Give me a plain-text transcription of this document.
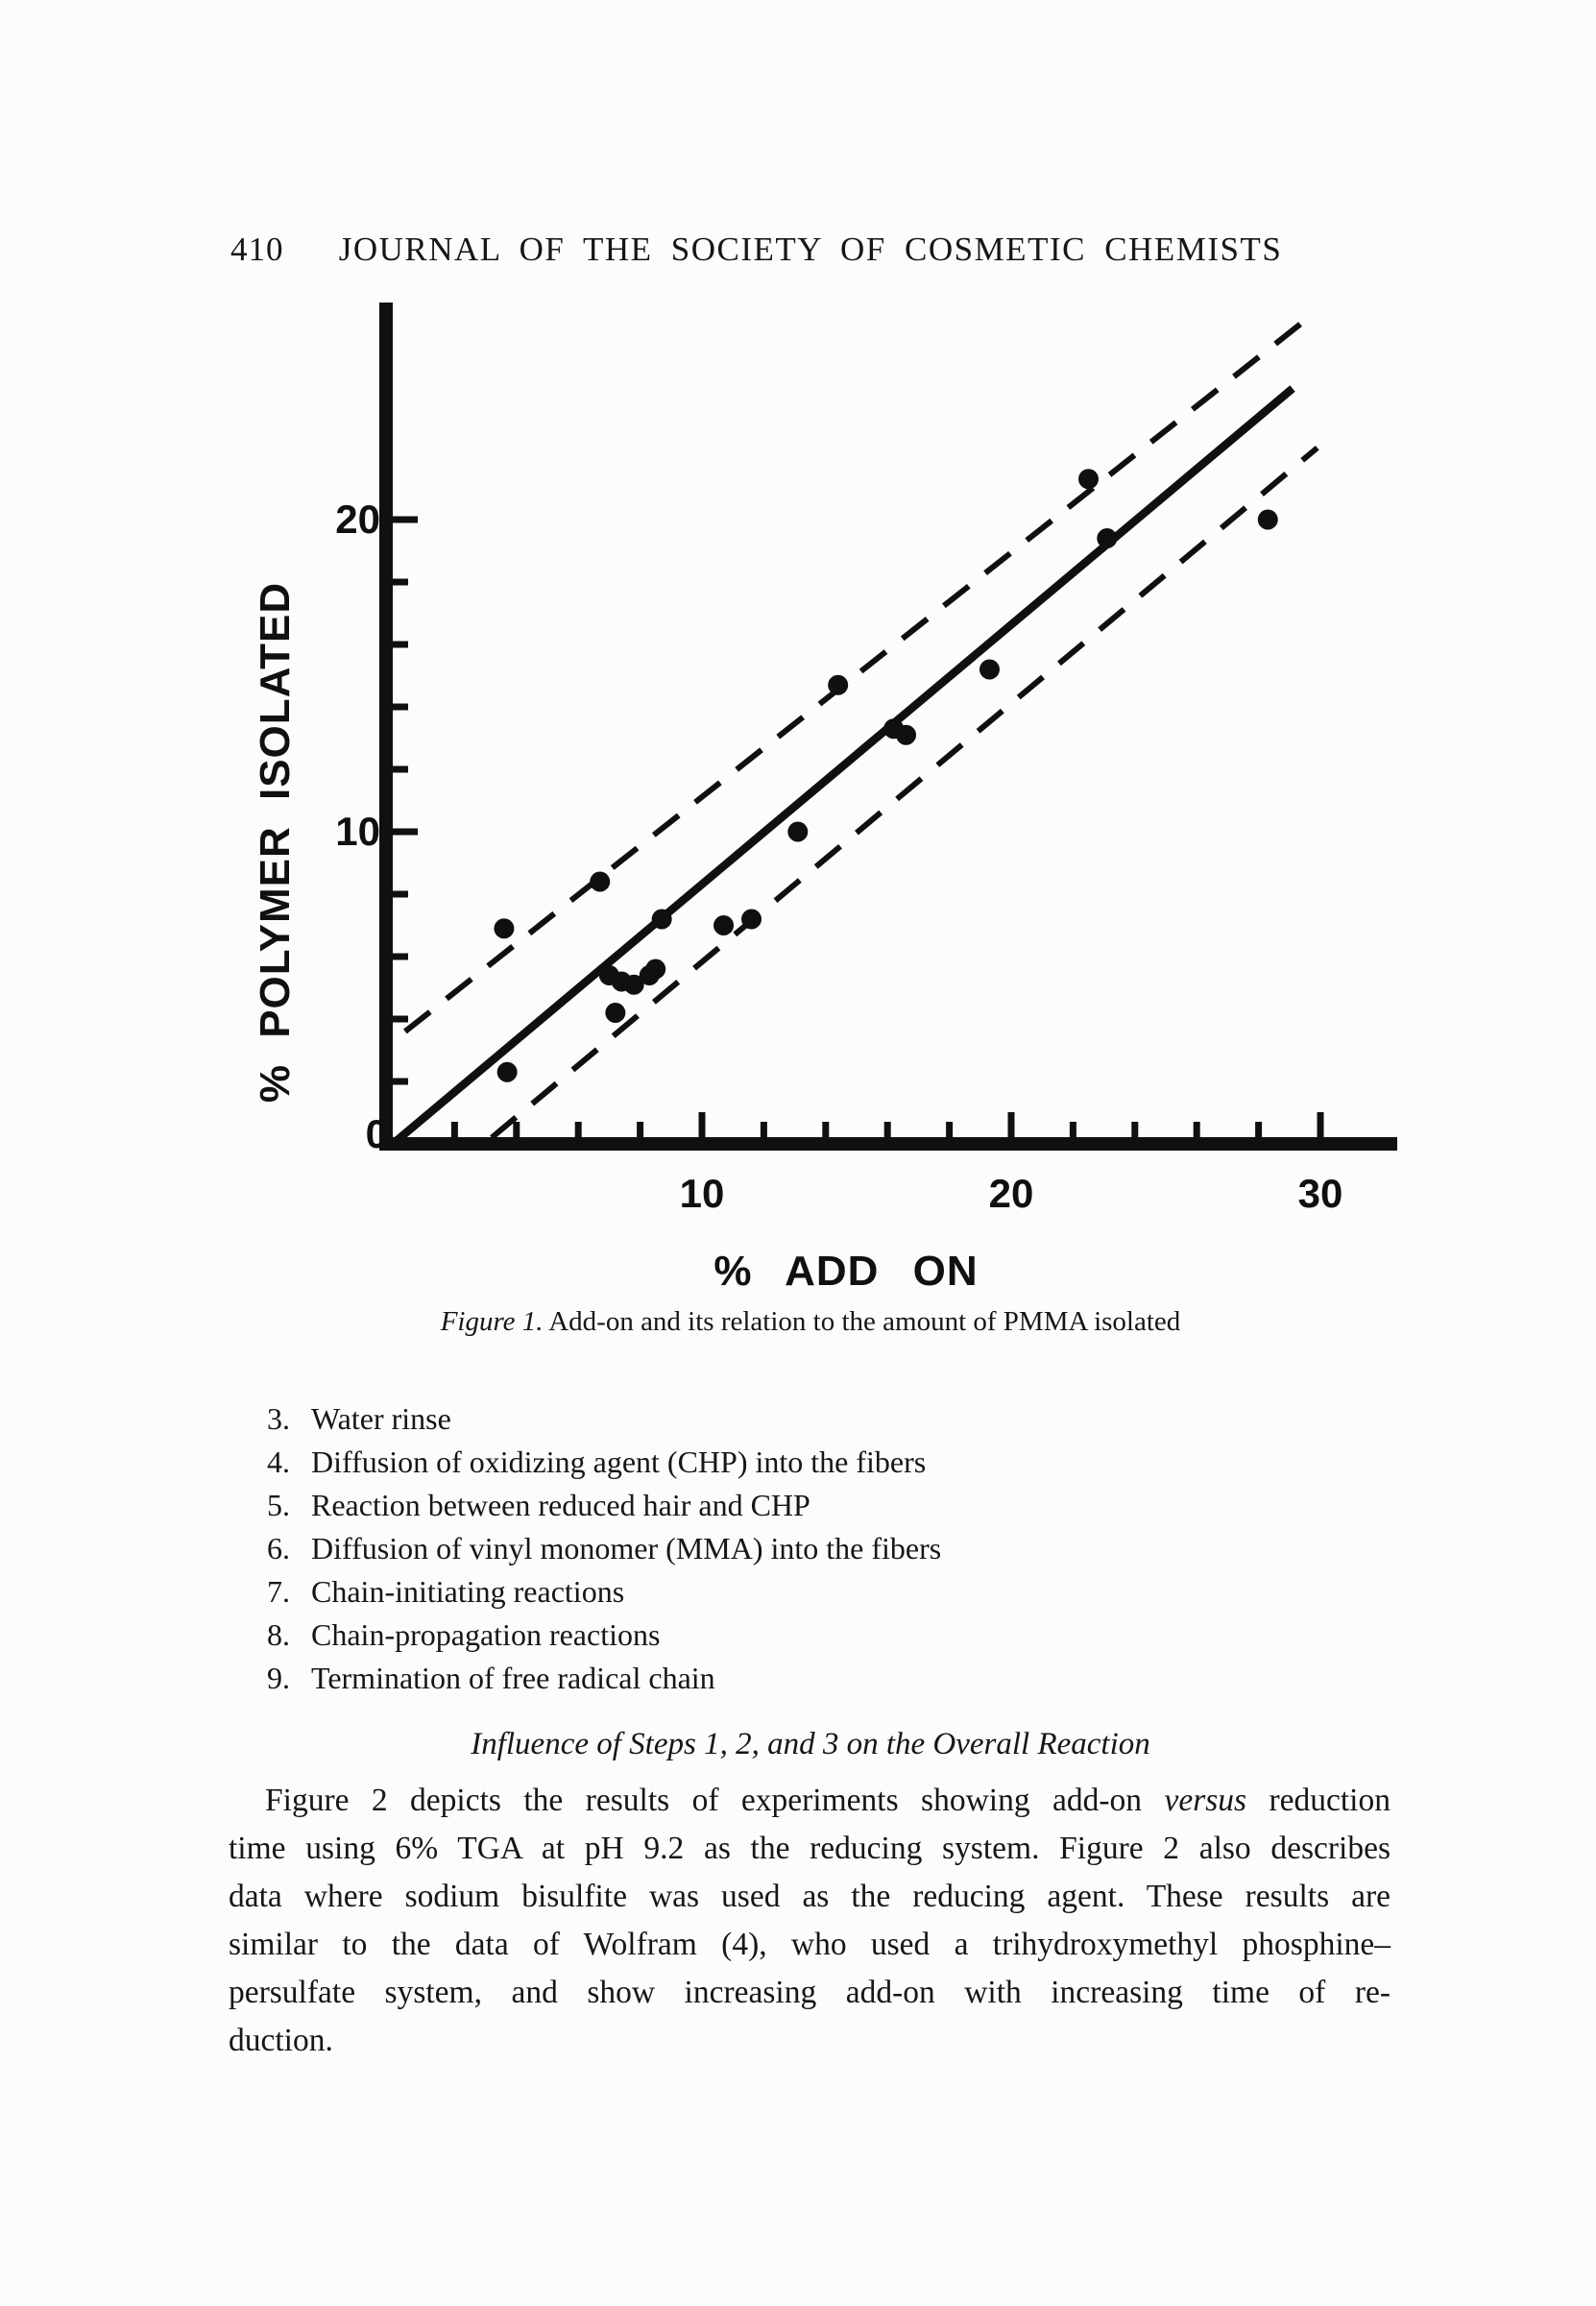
410	JOURNAL OF THE SOCIETY OF COSMETIC CHEMISTS
10
20
0
10	20	30
% ADD ON
% POLYMER ISOLATED
Figure 1. Add-on and its relation to the amount of PMMA isolated
3. Water rinse
4. Diffusion of oxidizing agent (CHP) into the fibers
5. Reaction between reduced hair and CHP
6. Diffusion of vinyl monomer (MMA) into the fibers
7. Chain-initiating reactions
8. Chain-propagation reactions
9. Termination of free radical chain
Influence of Steps 1, 2, and 3 on the Overall Reaction
Figure 2 depicts the results of experiments showing add-on versus reduction
time using 6% TGA at pH 9.2 as the reducing system. Figure 2 also describes
data where sodium bisulfite was used as the reducing agent. These results are
similar to the data of Wolfram (4), who used a trihydroxymethyl phosphine–
persulfate system, and show increasing add-on with increasing time of re-
duction.
